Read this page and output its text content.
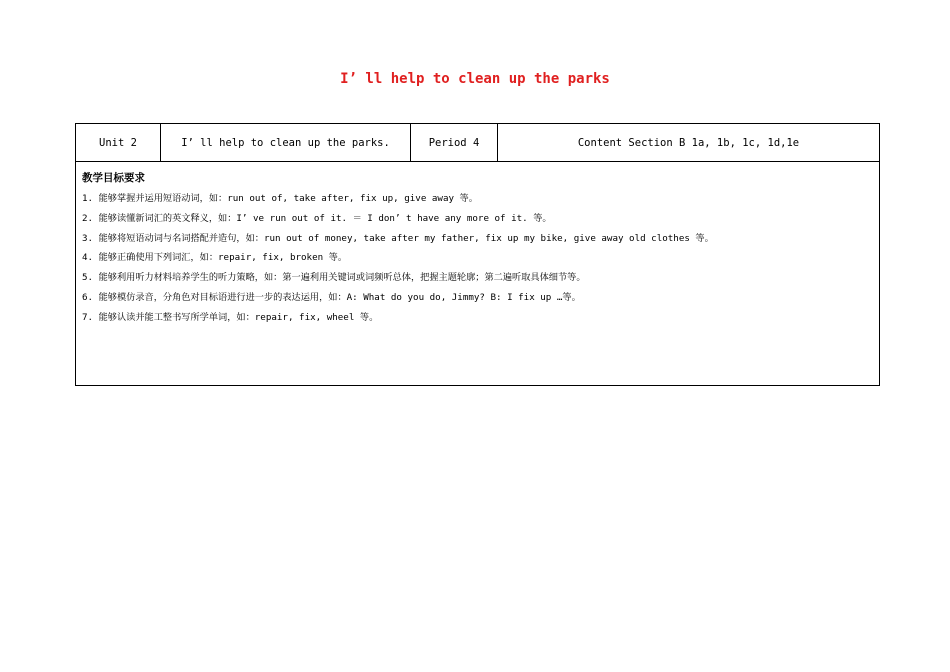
I’ ll help to clean up the parks
Unit 2	I’ ll help to clean up the parks.	Period 4	Content Section B 1a, 1b, 1c, 1d,1e
教学目标要求
1. 能够掌握并运用短语动词，如：run out of, take after, fix up, give away 等。
2. 能够读懂新词汇的英文释义，如：I’ ve run out of it. ＝ I don’ t have any more of it. 等。
3. 能够将短语动词与名词搭配并造句，如：run out of money, take after my father, fix up my bike, give away old clothes 等。
4. 能够正确使用下列词汇，如：repair, fix, broken 等。
5. 能够利用听力材料培养学生的听力策略，如：第一遍利用关键词或词频听总体，把握主题轮廓；第二遍听取具体细节等。
6. 能够模仿录音，分角色对目标语进行进一步的表达运用，如：A: What do you do, Jimmy? B: I fix up …等。
7. 能够认读并能工整书写所学单词，如：repair, fix, wheel 等。
